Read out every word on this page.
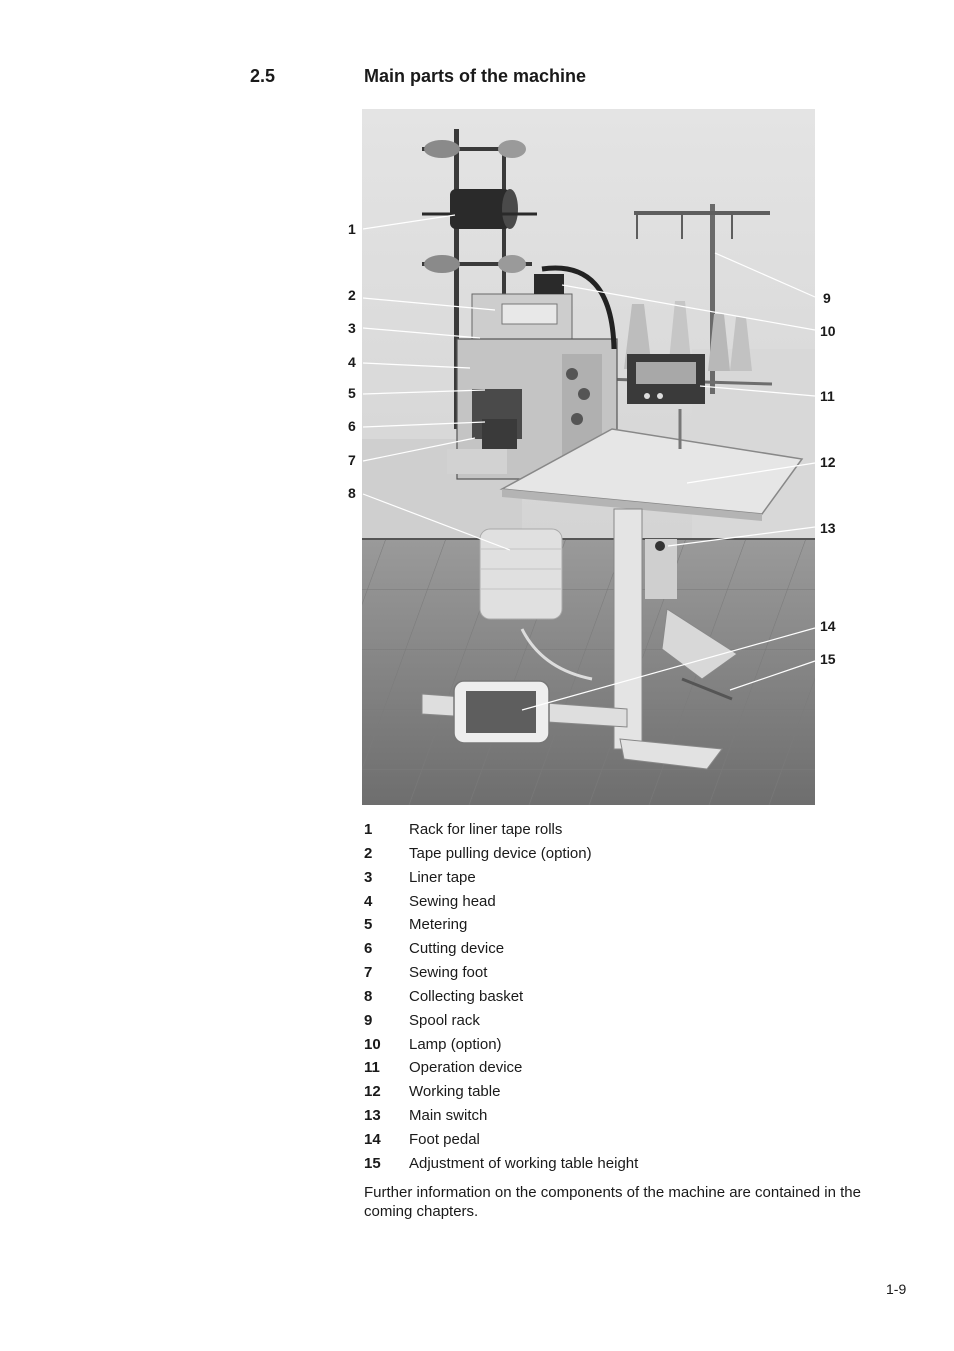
2.5	Main parts of the machine
1
2
3
4
5
6
7
8
9
10
11
12
13
14
15
1 Rack for liner tape rolls
2 Tape pulling device (option)
3 Liner tape
4 Sewing head
5 Metering
6 Cutting device
7 Sewing foot
8 Collecting basket
9 Spool rack
10 Lamp (option)
11 Operation device
12 Working table
13 Main switch
14 Foot pedal
15 Adjustment of working table height
Further information on the components of the machine are contained in the coming chapters.
1-9
